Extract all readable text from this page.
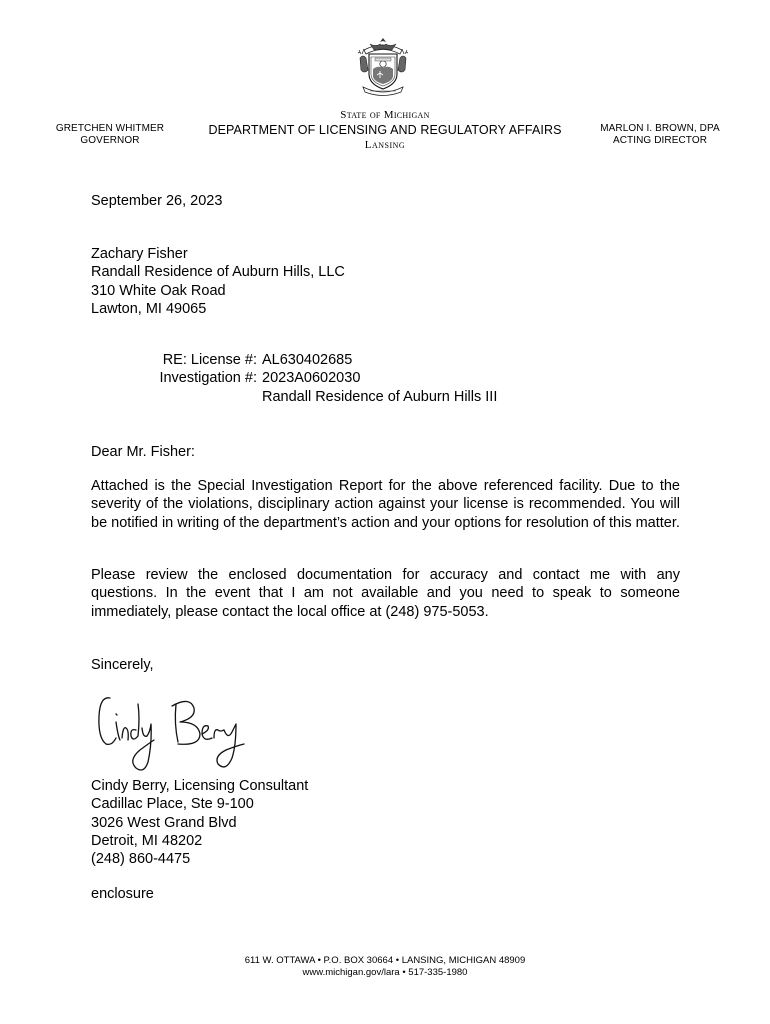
GRETCHEN WHITMER
GOVERNOR
State of Michigan
DEPARTMENT OF LICENSING AND REGULATORY AFFAIRS
Lansing
MARLON I. BROWN, DPA
ACTING DIRECTOR
September 26, 2023
Zachary Fisher
Randall Residence of Auburn Hills, LLC
310 White Oak Road
Lawton, MI 49065
RE: License #:
Investigation #:
AL630402685
2023A0602030
Randall Residence of Auburn Hills III
Dear Mr. Fisher:
Attached is the Special Investigation Report for the above referenced facility. Due to the severity of the violations, disciplinary action against your license is recommended. You will be notified in writing of the department’s action and your options for resolution of this matter.
Please review the enclosed documentation for accuracy and contact me with any questions. In the event that I am not available and you need to speak to someone immediately, please contact the local office at (248) 975-5053.
Sincerely,
Cindy Berry, Licensing Consultant
Cadillac Place, Ste 9-100
3026 West Grand Blvd
Detroit, MI 48202
(248) 860-4475
enclosure
611 W. OTTAWA • P.O. BOX 30664 • LANSING, MICHIGAN 48909
www.michigan.gov/lara • 517-335-1980
